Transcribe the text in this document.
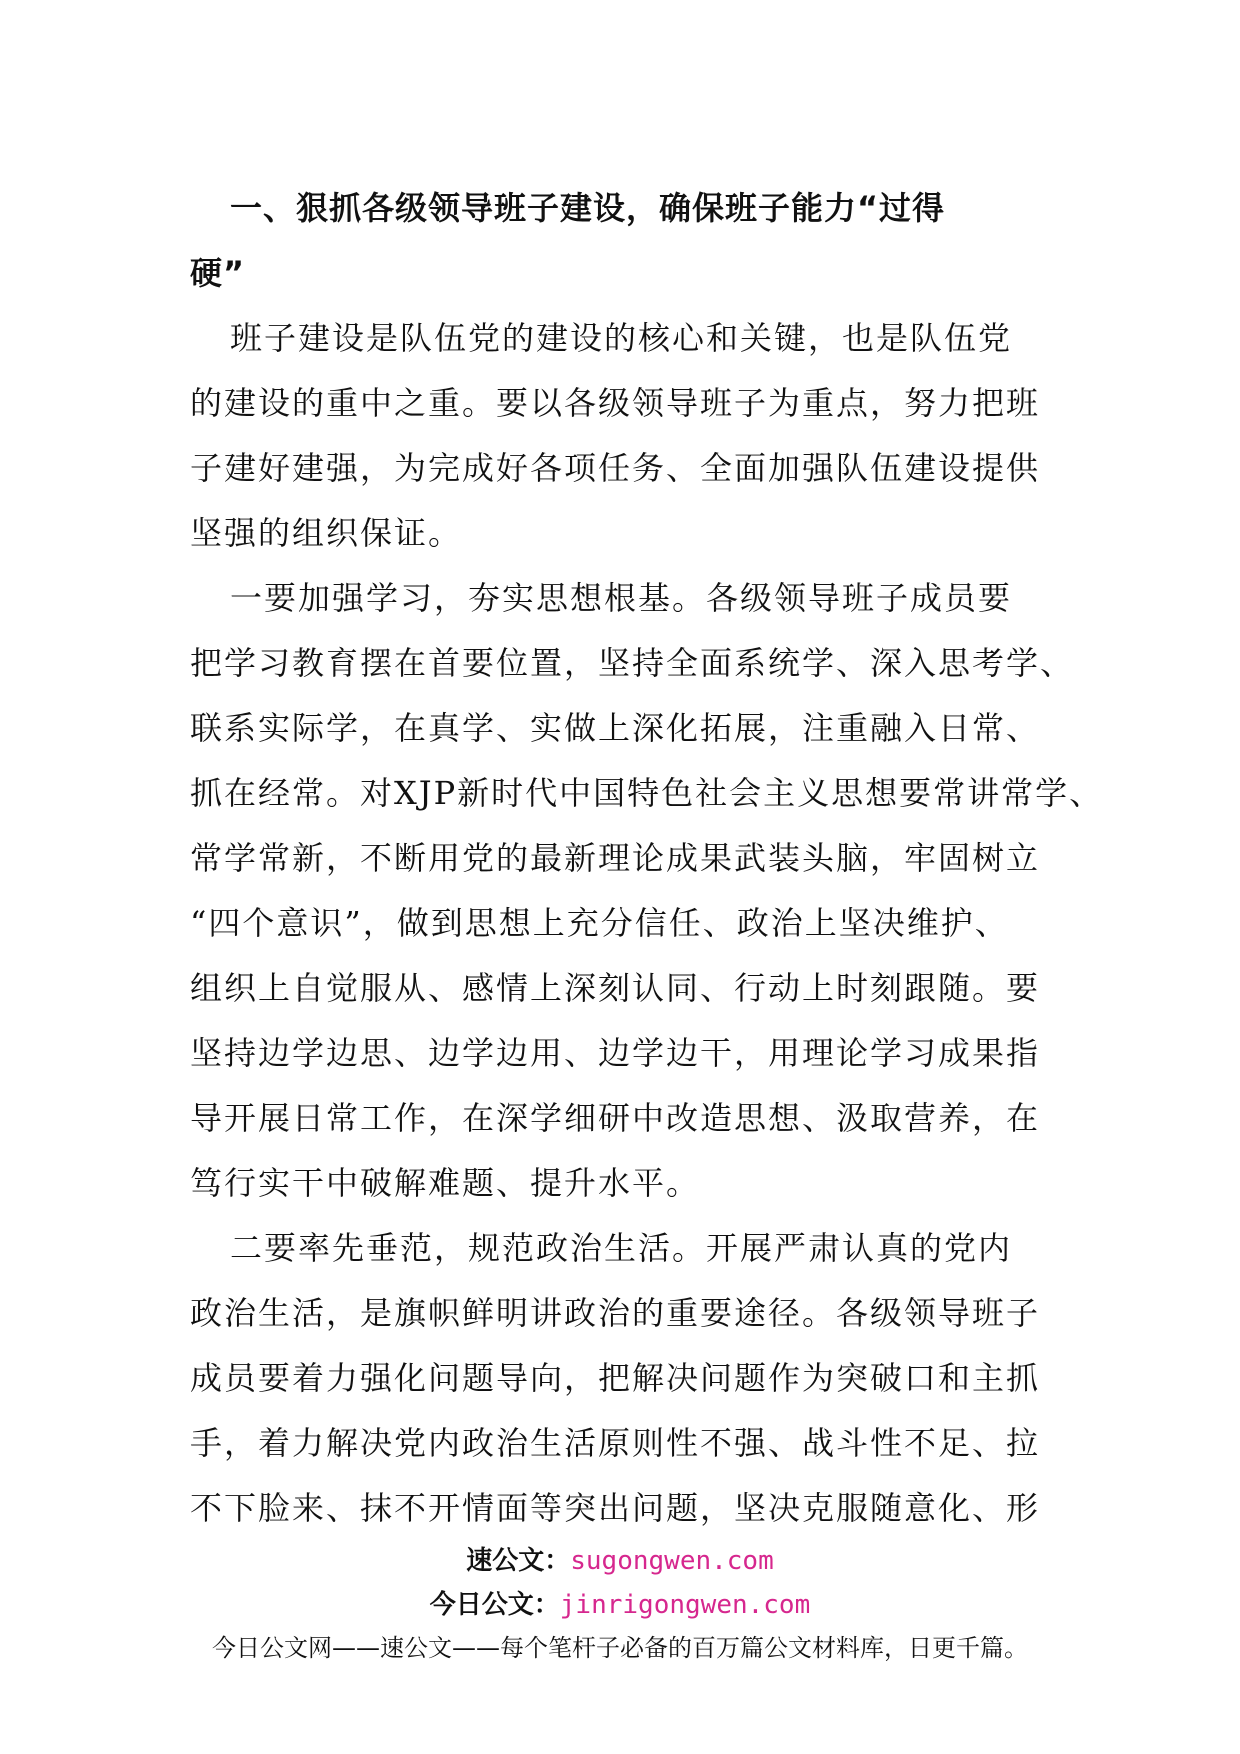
一、狠抓各级领导班子建设，确保班子能力“过得
硬”
班子建设是队伍党的建设的核心和关键，也是队伍党
的建设的重中之重。要以各级领导班子为重点，努力把班
子建好建强，为完成好各项任务、全面加强队伍建设提供
坚强的组织保证。
一要加强学习，夯实思想根基。各级领导班子成员要
把学习教育摆在首要位置，坚持全面系统学、深入思考学、
联系实际学，在真学、实做上深化拓展，注重融入日常、
抓在经常。对XJP新时代中国特色社会主义思想要常讲常学、
常学常新，不断用党的最新理论成果武装头脑，牢固树立
“四个意识”，做到思想上充分信任、政治上坚决维护、
组织上自觉服从、感情上深刻认同、行动上时刻跟随。要
坚持边学边思、边学边用、边学边干，用理论学习成果指
导开展日常工作，在深学细研中改造思想、汲取营养，在
笃行实干中破解难题、提升水平。
二要率先垂范，规范政治生活。开展严肃认真的党内
政治生活，是旗帜鲜明讲政治的重要途径。各级领导班子
成员要着力强化问题导向，把解决问题作为突破口和主抓
手，着力解决党内政治生活原则性不强、战斗性不足、拉
不下脸来、抹不开情面等突出问题，坚决克服随意化、形
速公文：sugongwen.com
今日公文：jinrigongwen.com
今日公文网——速公文——每个笔杆子必备的百万篇公文材料库，日更千篇。
